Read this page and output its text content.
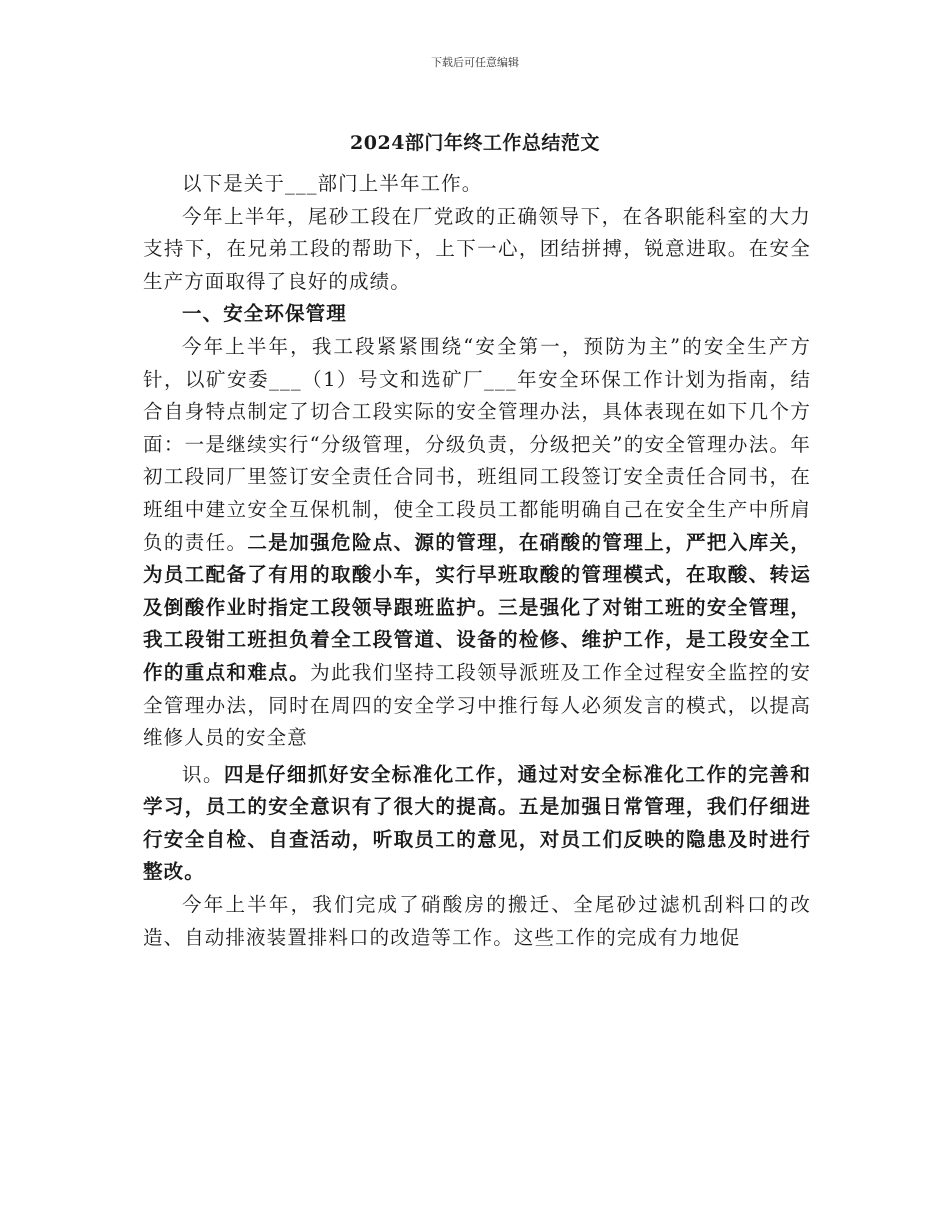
下载后可任意编辑
2024部门年终工作总结范文

以下是关于___部门上半年工作。

今年上半年，尾砂工段在厂党政的正确领导下，在各职能科室的大力支持下，在兄弟工段的帮助下，上下一心，团结拼搏，锐意进取。在安全生产方面取得了良好的成绩。

一、安全环保管理

今年上半年，我工段紧紧围绕“安全第一，预防为主”的安全生产方针，以矿安委___（1）号文和选矿厂___年安全环保工作计划为指南，结合自身特点制定了切合工段实际的安全管理办法，具体表现在如下几个方面：一是继续实行“分级管理，分级负责，分级把关”的安全管理办法。年初工段同厂里签订安全责任合同书，班组同工段签订安全责任合同书，在班组中建立安全互保机制，使全工段员工都能明确自己在安全生产中所肩负的责任。二是加强危险点、源的管理，在硝酸的管理上，严把入库关，为员工配备了有用的取酸小车，实行早班取酸的管理模式，在取酸、转运及倒酸作业时指定工段领导跟班监护。三是强化了对钳工班的安全管理，我工段钳工班担负着全工段管道、设备的检修、维护工作，是工段安全工作的重点和难点。为此我们坚持工段领导派班及工作全过程安全监控的安全管理办法，同时在周四的安全学习中推行每人必须发言的模式，以提高维修人员的安全意

识。四是仔细抓好安全标准化工作，通过对安全标准化工作的完善和学习，员工的安全意识有了很大的提高。五是加强日常管理，我们仔细进行安全自检、自查活动，听取员工的意见，对员工们反映的隐患及时进行整改。

今年上半年，我们完成了硝酸房的搬迁、全尾砂过滤机刮料口的改造、自动排液装置排料口的改造等工作。这些工作的完成有力地促
